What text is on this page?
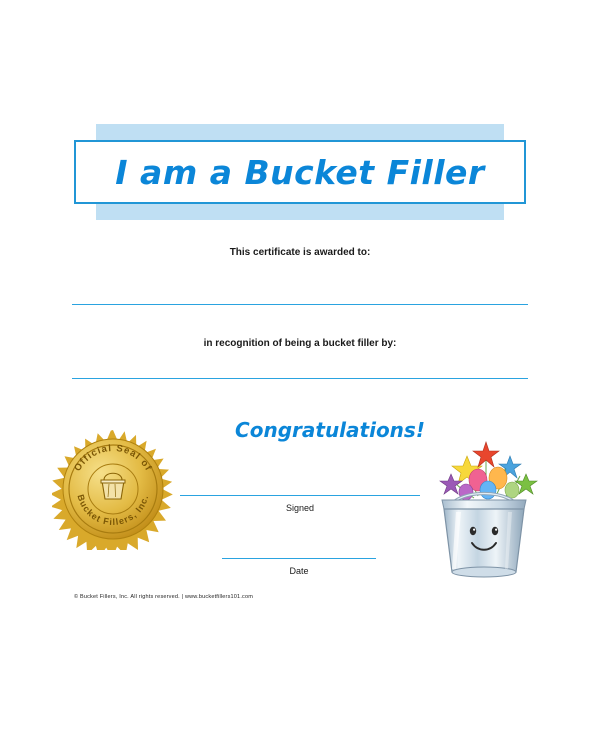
I am a Bucket Filler
This certificate is awarded to:
in recognition of being a bucket filler by:
Congratulations!
Signed
Date
© Bucket Fillers, Inc. All rights reserved. | www.bucketfillers101.com
Official Seal of
Bucket Fillers, Inc.
